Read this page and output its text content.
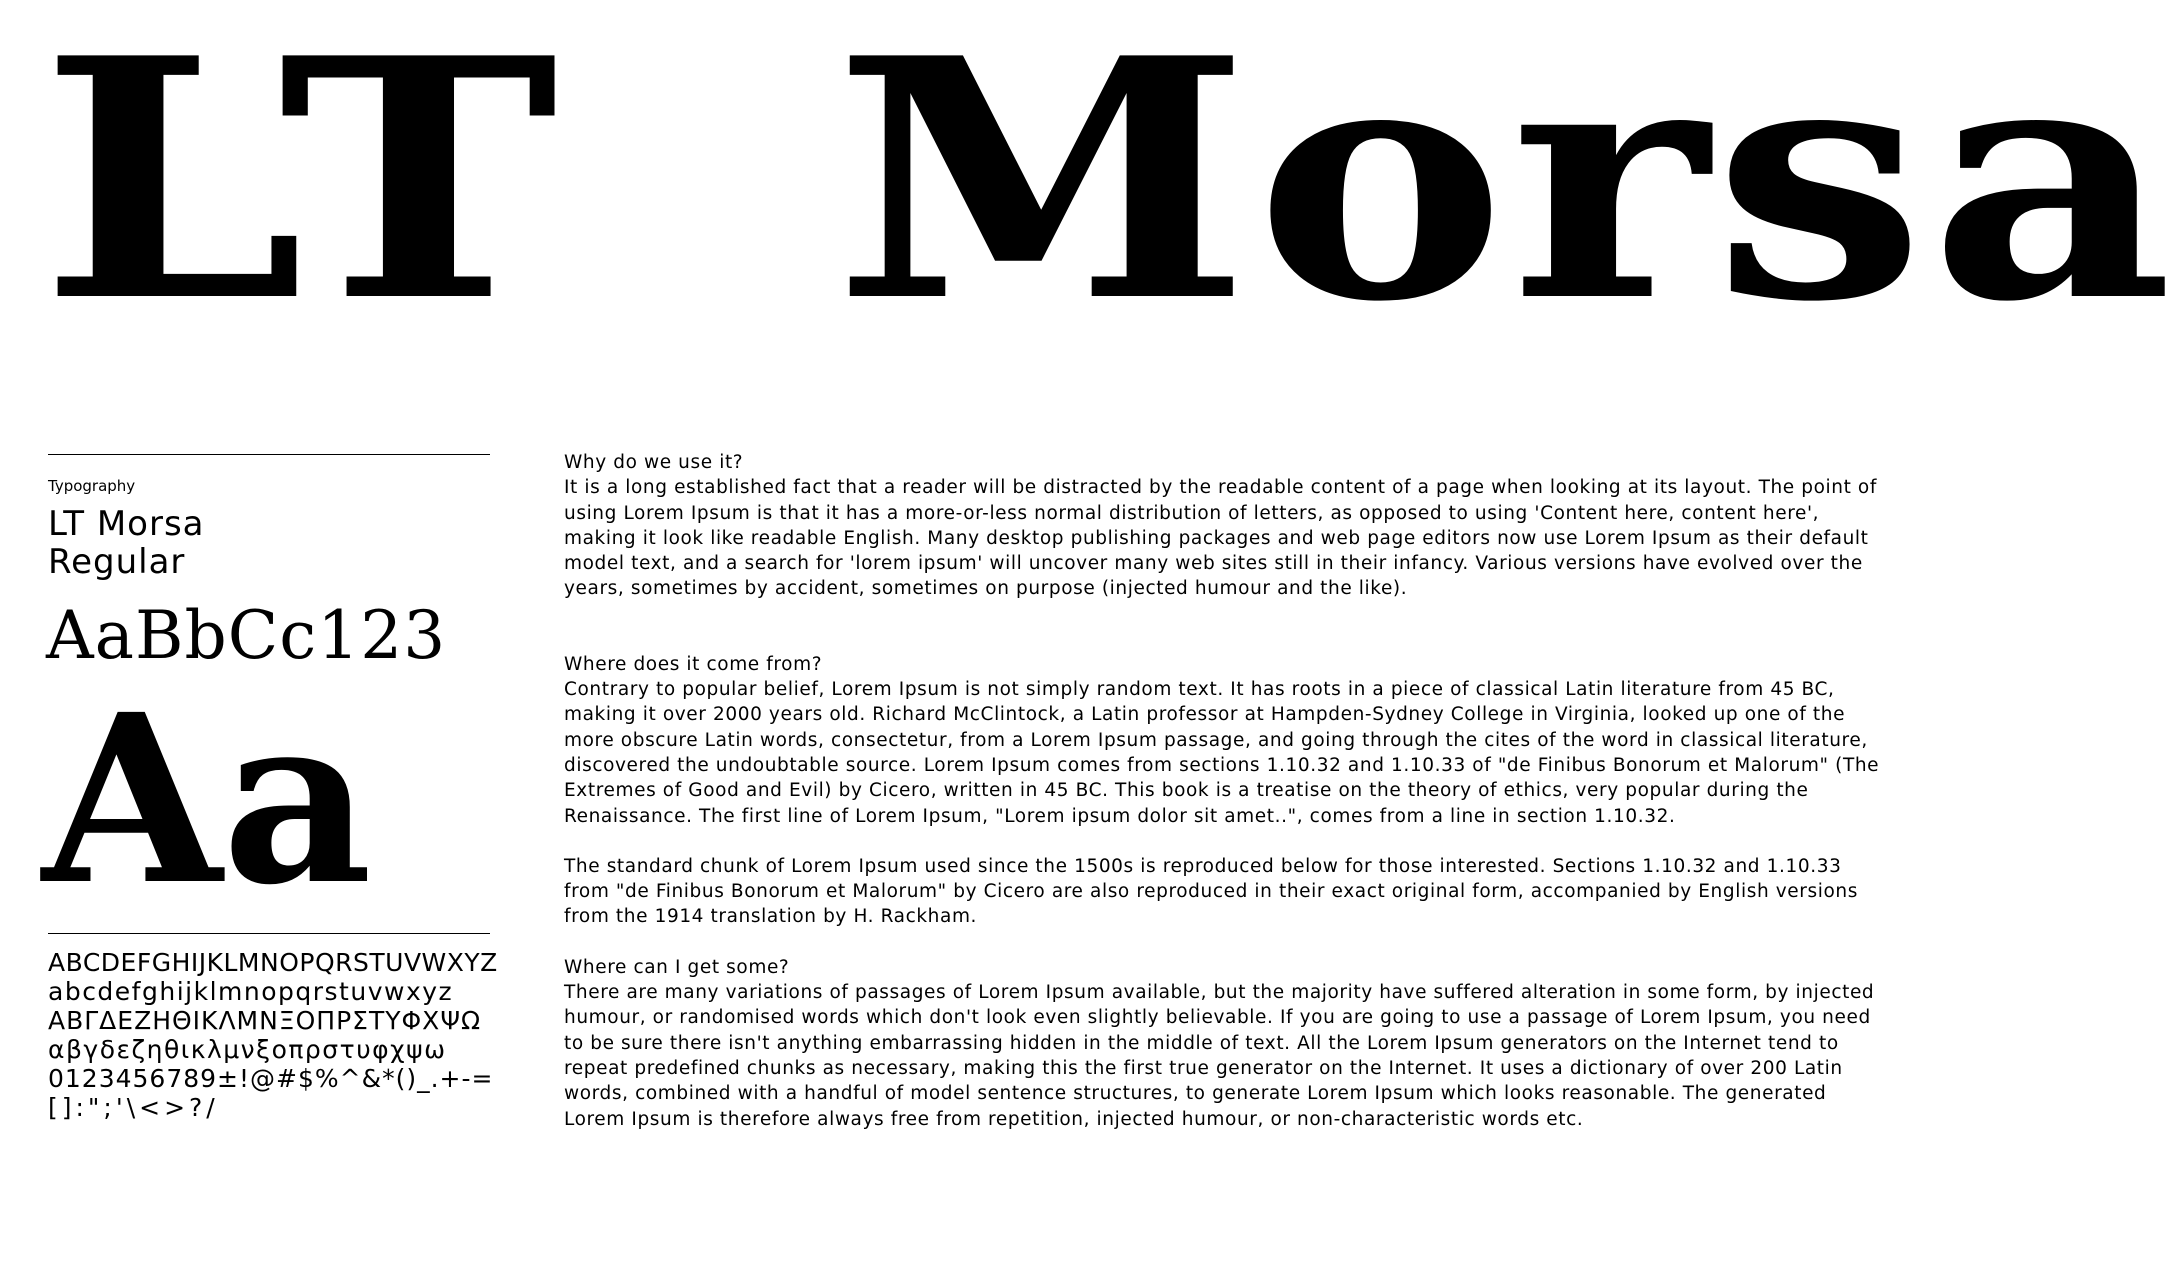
LT  Morsa
Typography
LT Morsa
Regular
AaBbCc123
Aa
ABCDEFGHIJKLMNOPQRSTUVWXYZ
abcdefghijklmnopqrstuvwxyz
ΑΒΓΔΕΖΗΘΙΚΛΜΝΞΟΠΡΣΤΥΦΧΨΩ
αβγδεζηθικλμνξοπρστυφχψω
0123456789±!@#$%^&*()_.+-=
[]:";'\<>?/

Why do we use it?

It is a long established fact that a reader will be distracted by the readable content of a page when looking at its layout. The point of using Lorem Ipsum is that it has a more-or-less normal distribution of letters, as opposed to using 'Content here, content here', making it look like readable English. Many desktop publishing packages and web page editors now use Lorem Ipsum as their default model text, and a search for 'lorem ipsum' will uncover many web sites still in their infancy. Various versions have evolved over the years, sometimes by accident, sometimes on purpose (injected humour and the like).

Where does it come from?

Contrary to popular belief, Lorem Ipsum is not simply random text. It has roots in a piece of classical Latin literature from 45 BC, making it over 2000 years old. Richard McClintock, a Latin professor at Hampden-Sydney College in Virginia, looked up one of the more obscure Latin words, consectetur, from a Lorem Ipsum passage, and going through the cites of the word in classical literature, discovered the undoubtable source. Lorem Ipsum comes from sections 1.10.32 and 1.10.33 of "de Finibus Bonorum et Malorum" (The Extremes of Good and Evil) by Cicero, written in 45 BC. This book is a treatise on the theory of ethics, very popular during the Renaissance. The first line of Lorem Ipsum, "Lorem ipsum dolor sit amet..", comes from a line in section 1.10.32.

The standard chunk of Lorem Ipsum used since the 1500s is reproduced below for those interested. Sections 1.10.32 and 1.10.33 from "de Finibus Bonorum et Malorum" by Cicero are also reproduced in their exact original form, accompanied by English versions from the 1914 translation by H. Rackham.

Where can I get some?

There are many variations of passages of Lorem Ipsum available, but the majority have suffered alteration in some form, by injected humour, or randomised words which don't look even slightly believable. If you are going to use a passage of Lorem Ipsum, you need to be sure there isn't anything embarrassing hidden in the middle of text. All the Lorem Ipsum generators on the Internet tend to repeat predefined chunks as necessary, making this the first true generator on the Internet. It uses a dictionary of over 200 Latin words, combined with a handful of model sentence structures, to generate Lorem Ipsum which looks reasonable. The generated Lorem Ipsum is therefore always free from repetition, injected humour, or non-characteristic words etc.
